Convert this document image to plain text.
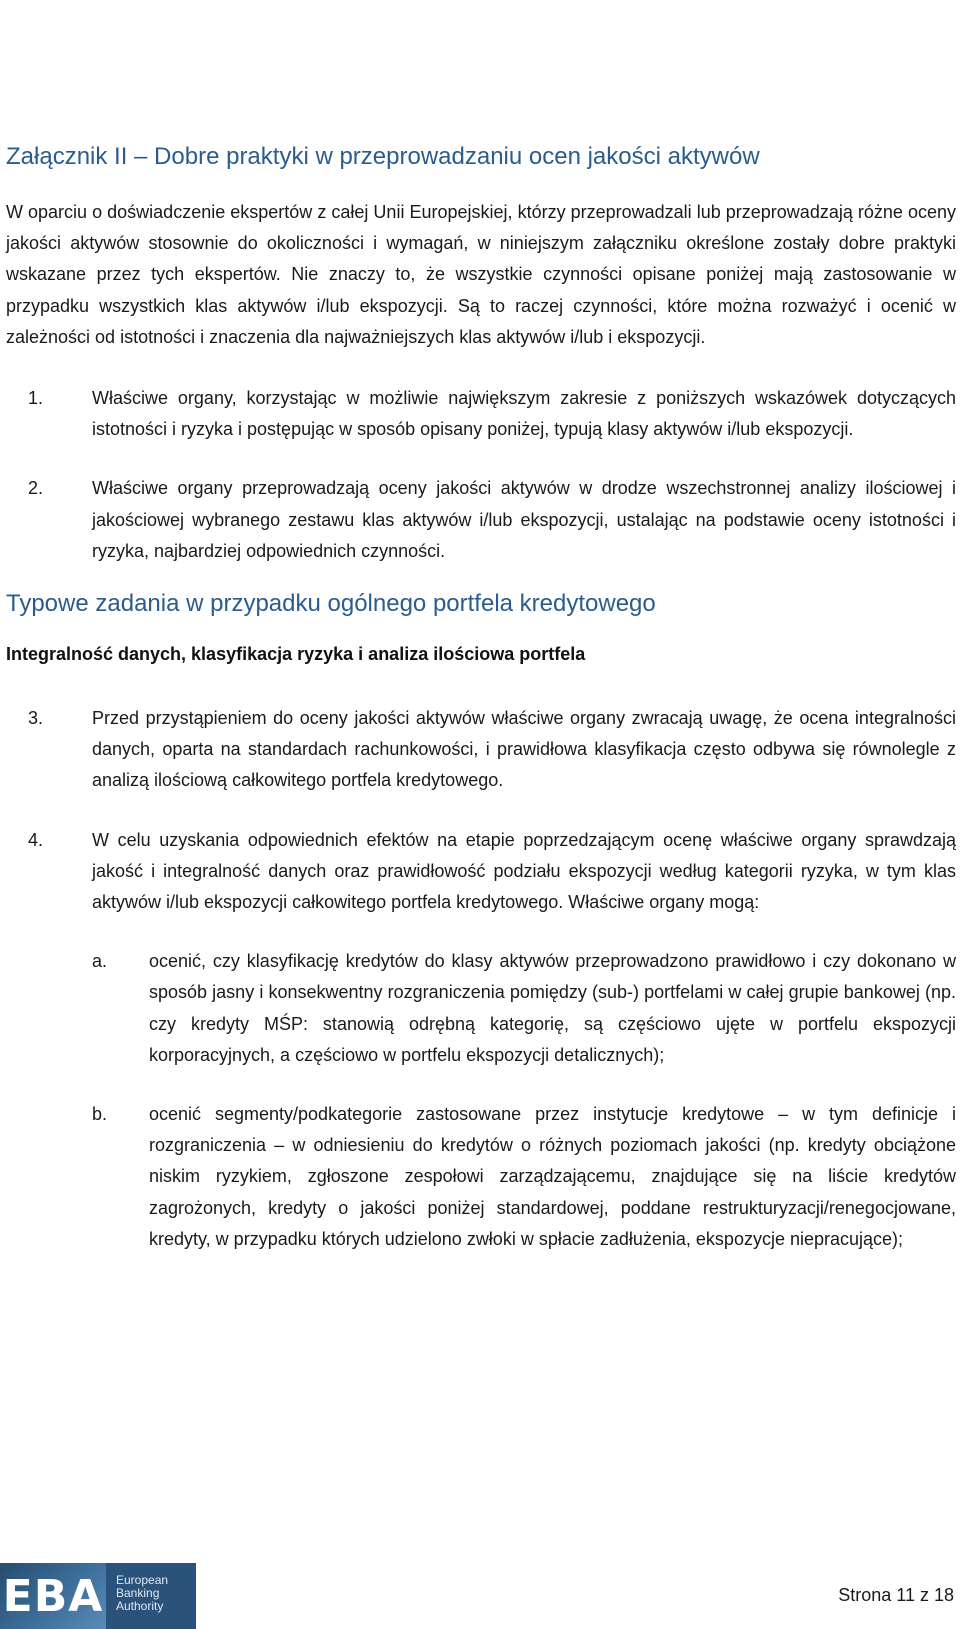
Załącznik II – Dobre praktyki w przeprowadzaniu ocen jakości aktywów

W oparciu o doświadczenie ekspertów z całej Unii Europejskiej, którzy przeprowadzali lub przeprowadzają różne oceny jakości aktywów stosownie do okoliczności i wymagań, w niniejszym załączniku określone zostały dobre praktyki wskazane przez tych ekspertów. Nie znaczy to, że wszystkie czynności opisane poniżej mają zastosowanie w przypadku wszystkich klas aktywów i/lub ekspozycji. Są to raczej czynności, które można rozważyć i ocenić w zależności od istotności i znaczenia dla najważniejszych klas aktywów i/lub i ekspozycji.

1.	Właściwe organy, korzystając w możliwie największym zakresie z poniższych wskazówek dotyczących istotności i ryzyka i postępując w sposób opisany poniżej, typują klasy aktywów i/lub ekspozycji.
2.	Właściwe organy przeprowadzają oceny jakości aktywów w drodze wszechstronnej analizy ilościowej i jakościowej wybranego zestawu klas aktywów i/lub ekspozycji, ustalając na podstawie oceny istotności i ryzyka, najbardziej odpowiednich czynności.
Typowe zadania w przypadku ogólnego portfela kredytowego
Integralność danych, klasyfikacja ryzyka i analiza ilościowa portfela
3.	Przed przystąpieniem do oceny jakości aktywów właściwe organy zwracają uwagę, że ocena integralności danych, oparta na standardach rachunkowości, i prawidłowa klasyfikacja często odbywa się równolegle z analizą ilościową całkowitego portfela kredytowego.
4.	W celu uzyskania odpowiednich efektów na etapie poprzedzającym ocenę właściwe organy sprawdzają jakość i integralność danych oraz prawidłowość podziału ekspozycji według kategorii ryzyka, w tym klas aktywów i/lub ekspozycji całkowitego portfela kredytowego. Właściwe organy mogą:
a.	ocenić, czy klasyfikację kredytów do klasy aktywów przeprowadzono prawidłowo i czy dokonano w sposób jasny i konsekwentny rozgraniczenia pomiędzy (sub-) portfelami w całej grupie bankowej (np. czy kredyty MŚP: stanowią odrębną kategorię, są częściowo ujęte w portfelu ekspozycji korporacyjnych, a częściowo w portfelu ekspozycji detalicznych);
b.	ocenić segmenty/podkategorie zastosowane przez instytucje kredytowe – w tym definicje i rozgraniczenia – w odniesieniu do kredytów o różnych poziomach jakości (np. kredyty obciążone niskim ryzykiem, zgłoszone zespołowi zarządzającemu, znajdujące się na liście kredytów zagrożonych, kredyty o jakości poniżej standardowej, poddane restrukturyzacji/renegocjowane, kredyty, w przypadku których udzielono zwłoki w spłacie zadłużenia, ekspozycje niepracujące);
EBA European
Banking
Authority
Strona 11 z 18
